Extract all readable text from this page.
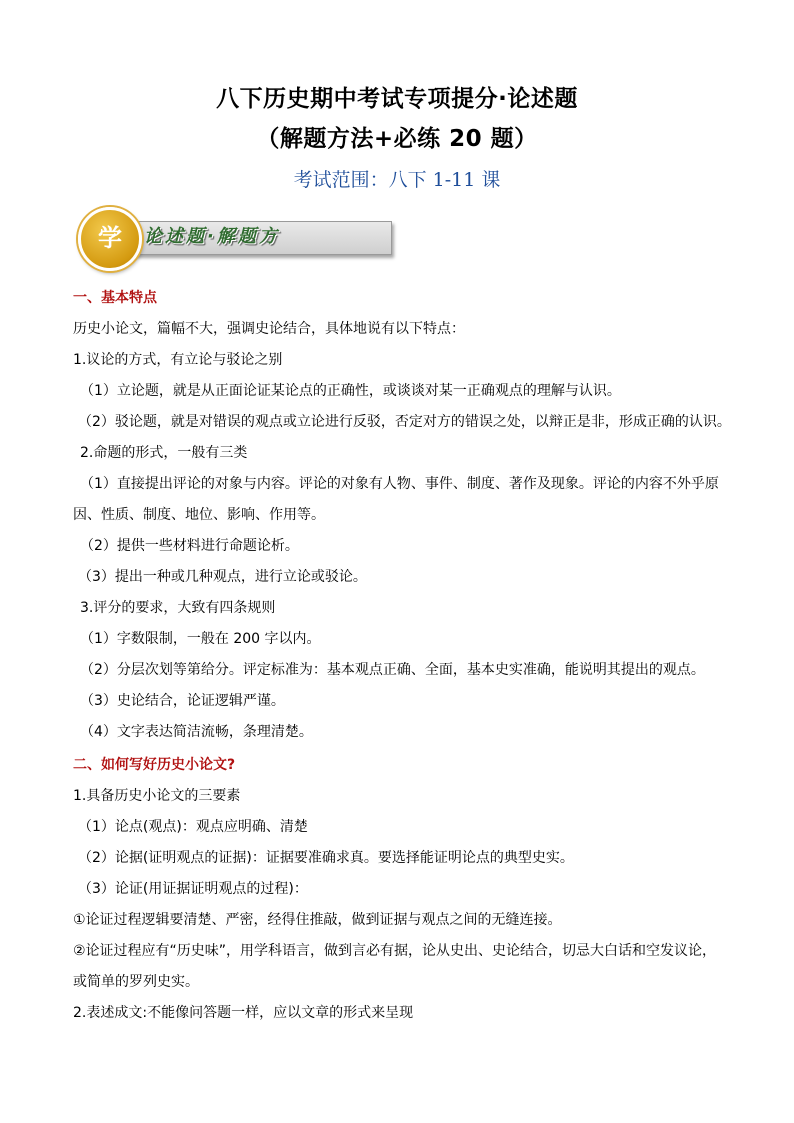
八下历史期中考试专项提分·论述题
（解题方法+必练 20 题）
考试范围：八下 1-11 课
论述题·解题方
学
一、基本特点
历史小论文，篇幅不大，强调史论结合，具体地说有以下特点：
1.议论的方式，有立论与驳论之别
（1）立论题，就是从正面论证某论点的正确性，或谈谈对某一正确观点的理解与认识。
（2）驳论题，就是对错误的观点或立论进行反驳，否定对方的错误之处，以辩正是非，形成正确的认识。
2.命题的形式，一般有三类
（1）直接提出评论的对象与内容。评论的对象有人物、事件、制度、著作及现象。评论的内容不外乎原
因、性质、制度、地位、影响、作用等。
（2）提供一些材料进行命题论析。
（3）提出一种或几种观点，进行立论或驳论。
3.评分的要求，大致有四条规则
（1）字数限制，一般在 200 字以内。
（2）分层次划等第给分。评定标准为：基本观点正确、全面，基本史实准确，能说明其提出的观点。
（3）史论结合，论证逻辑严谨。
（4）文字表达简洁流畅，条理清楚。
二、如何写好历史小论文?
1.具备历史小论文的三要素
（1）论点(观点)：观点应明确、清楚
（2）论据(证明观点的证据)：证据要准确求真。要选择能证明论点的典型史实。
（3）论证(用证据证明观点的过程)：
①论证过程逻辑要清楚、严密，经得住推敲，做到证据与观点之间的无缝连接。
②论证过程应有“历史味”，用学科语言，做到言必有据，论从史出、史论结合，切忌大白话和空发议论，
或简单的罗列史实。
2.表述成文:不能像问答题一样，应以文章的形式来呈现
